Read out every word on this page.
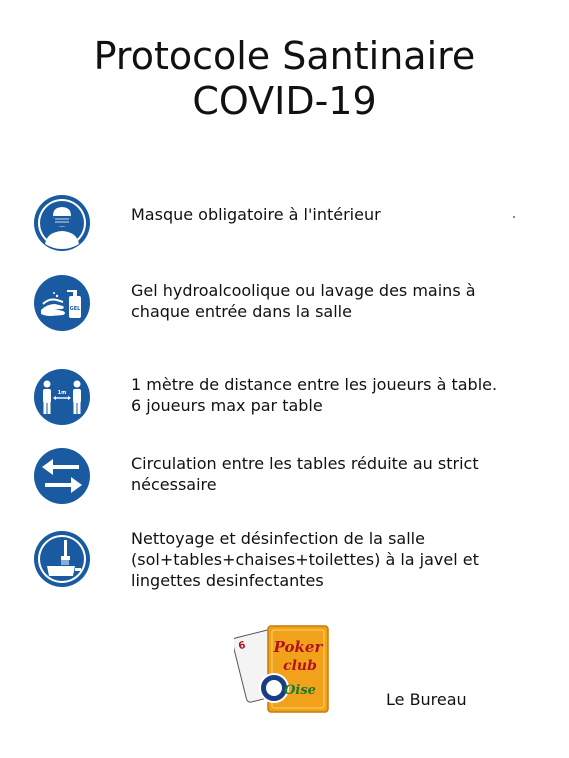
Protocole Santinaire
COVID-19
Masque obligatoire à l'intérieur
GEL
Gel hydroalcoolique ou lavage des mains à chaque entrée dans la salle
1m	1 mètre de distance entre les joueurs à table. 6 joueurs max par table
Circulation entre les tables réduite au strict nécessaire
Nettoyage et désinfection de la salle (sol+tables+chaises+toilettes) à la javel et lingettes desinfectantes
6 Poker
club
Oise	Le Bureau
